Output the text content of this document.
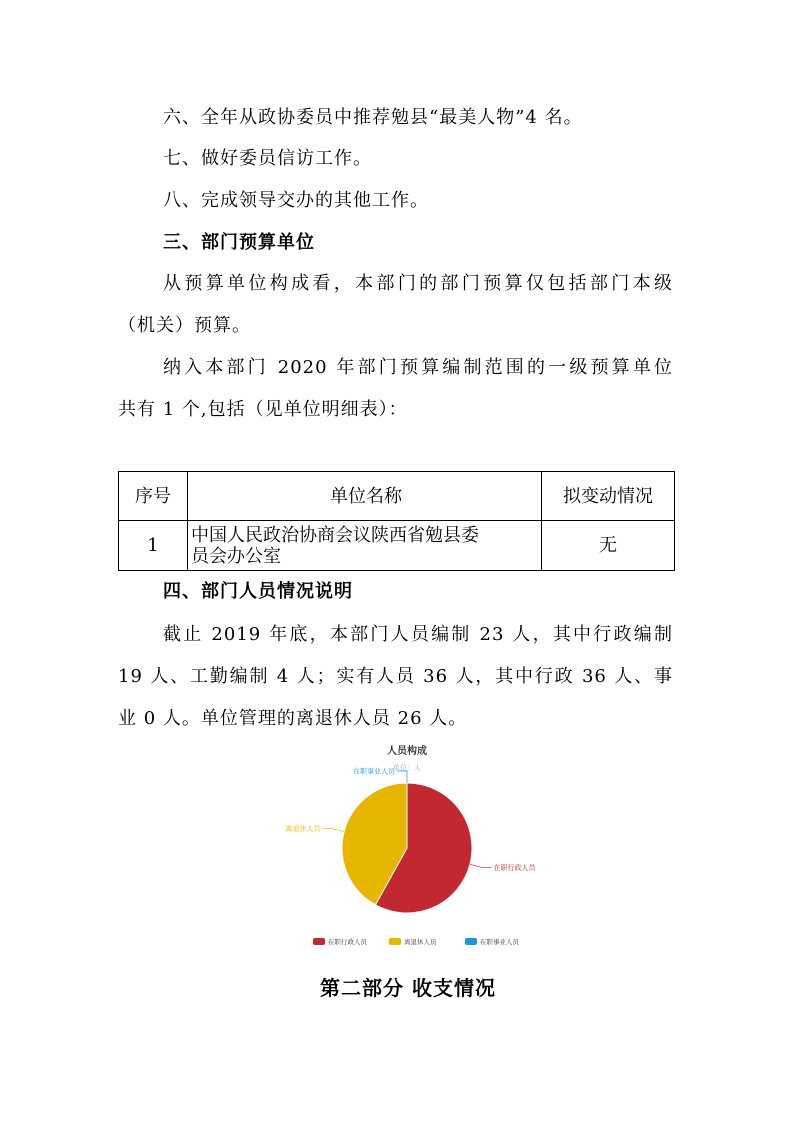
六、全年从政协委员中推荐勉县“最美人物”4 名。
七、做好委员信访工作。
八、完成领导交办的其他工作。
三、部门预算单位
从预算单位构成看，本部门的部门预算仅包括部门本级
（机关）预算。
纳入本部门 2020 年部门预算编制范围的一级预算单位
共有 1 个,包括（见单位明细表）：
序号	单位名称	拟变动情况
1	中国人民政治协商会议陕西省勉县委
员会办公室	无
四、部门人员情况说明
截止 2019 年底，本部门人员编制 23 人，其中行政编制
19 人、工勤编制 4 人；实有人员 36 人，其中行政 36 人、事
业 0 人。单位管理的离退休人员 26 人。
人员构成
单位：人
在职行政人员
离退休人员
在职事业人员
在职行政人员	离退休人员	在职事业人员
第二部分 收支情况
